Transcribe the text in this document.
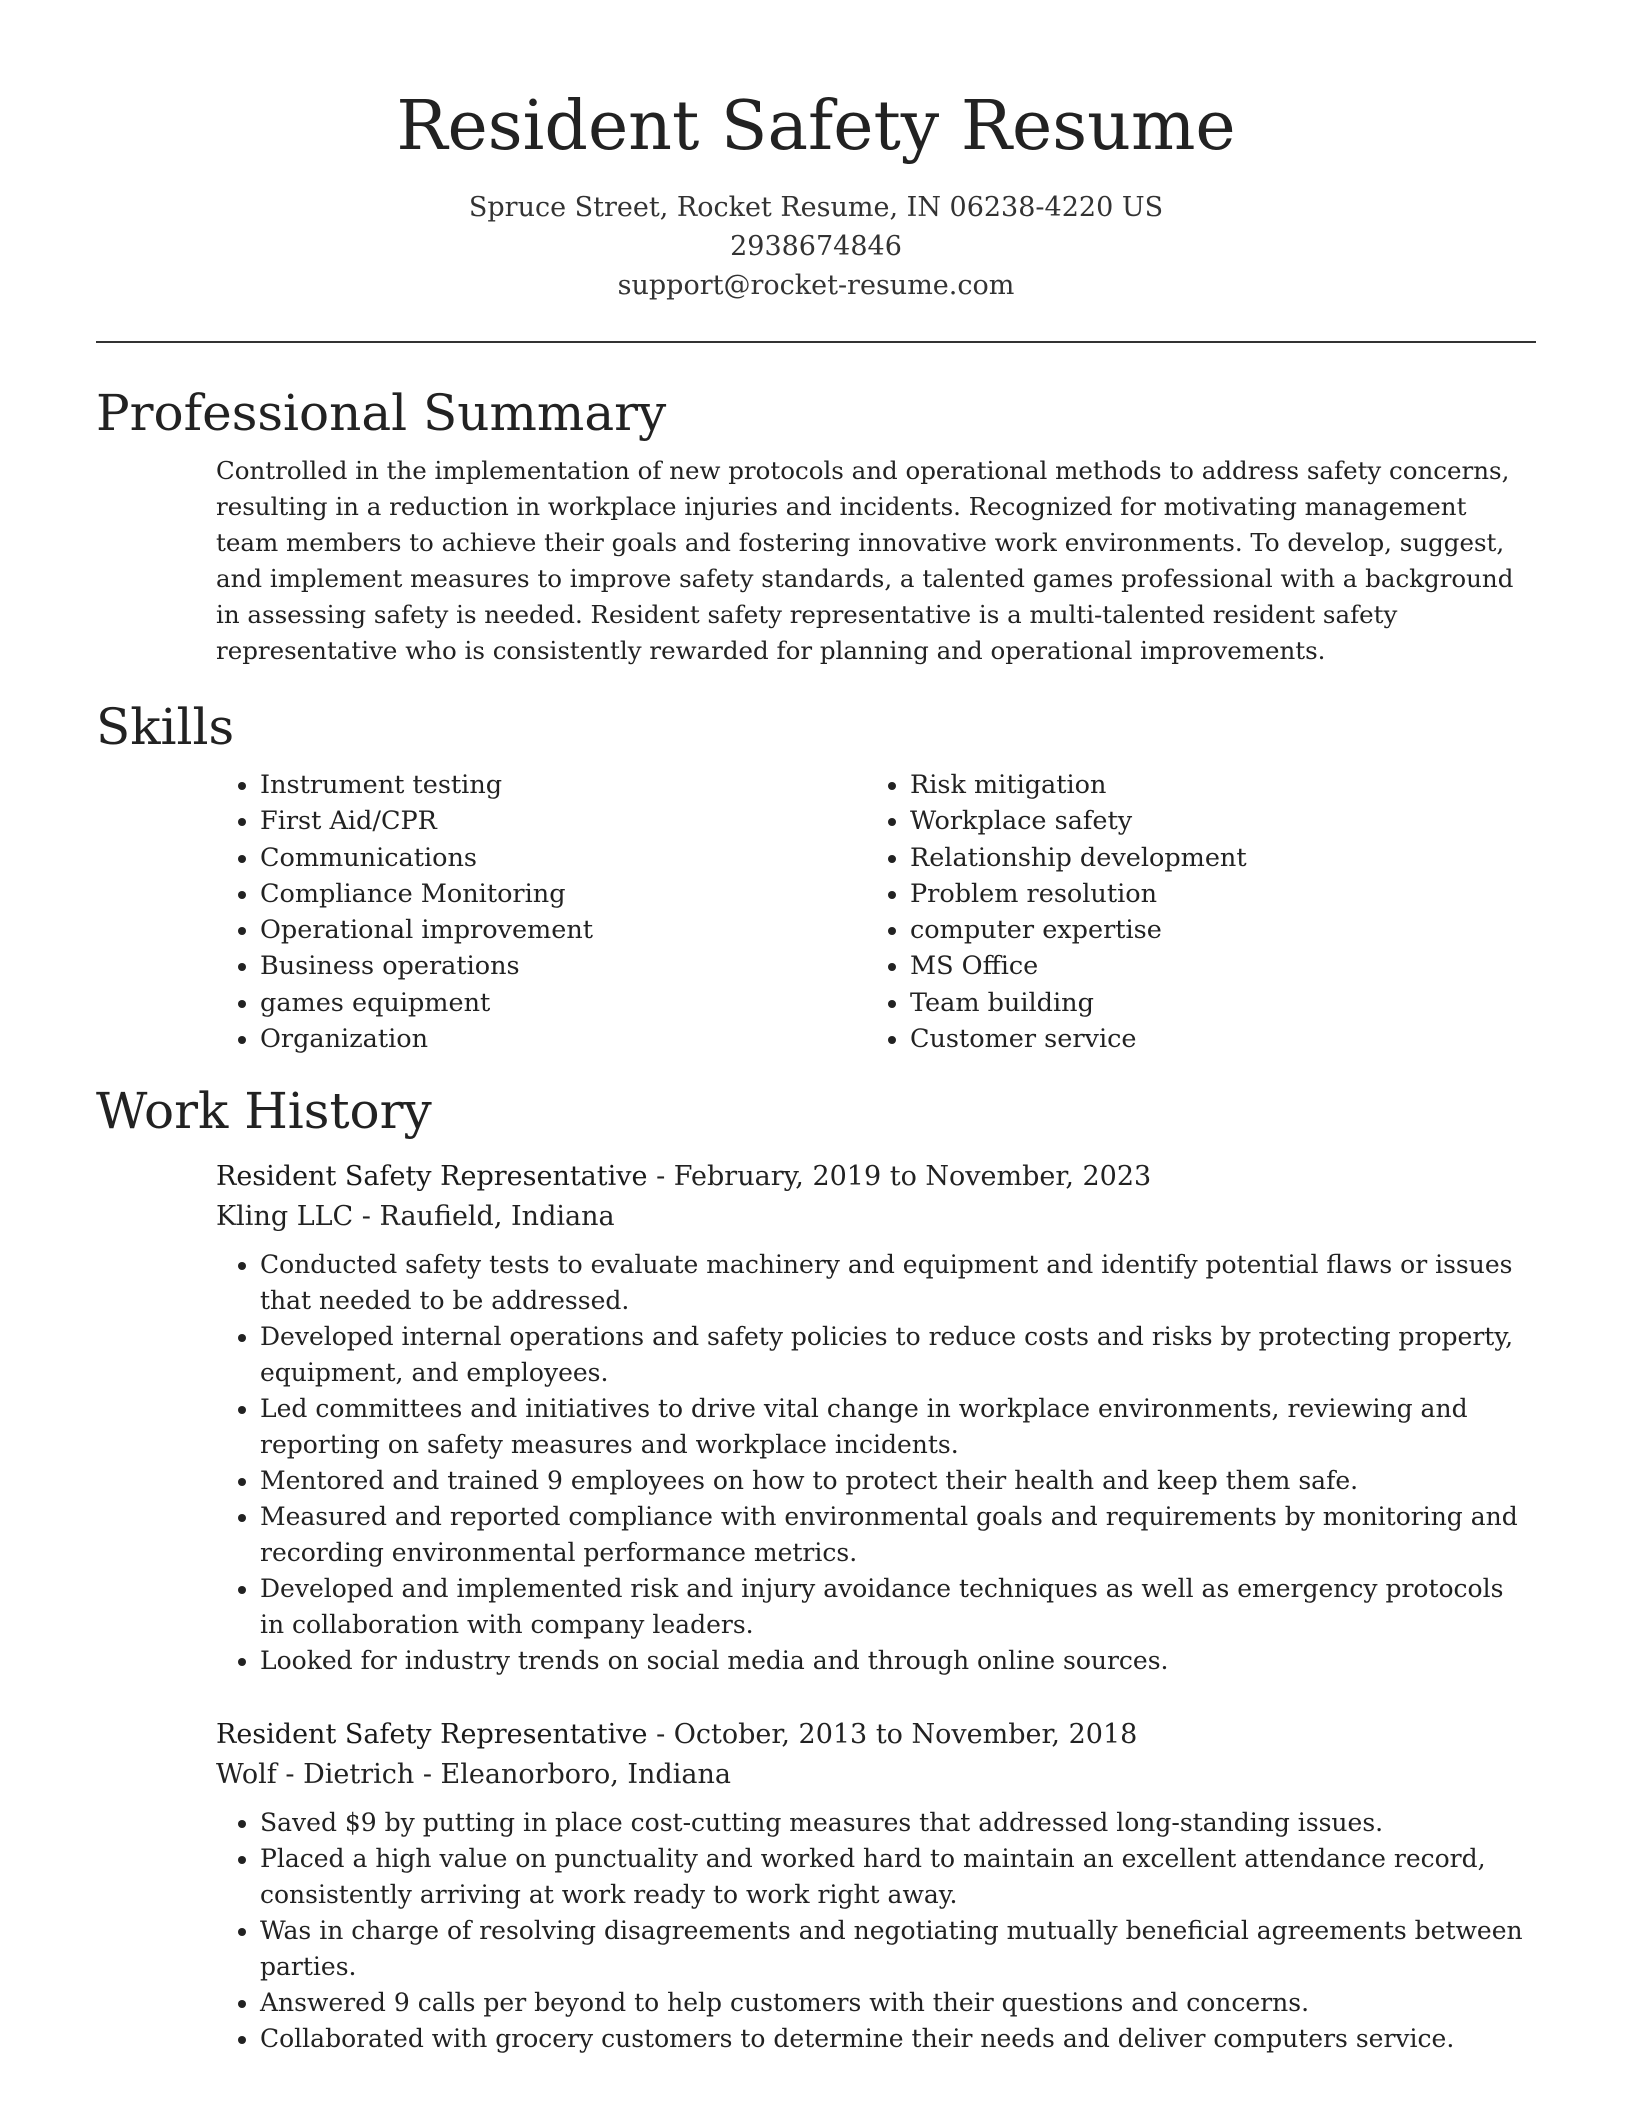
Resident Safety Resume
Spruce Street, Rocket Resume, IN 06238-4220 US
2938674846
support@rocket-resume.com
Professional Summary
Controlled in the implementation of new protocols and operational methods to address safety concerns, resulting in a reduction in workplace injuries and incidents. Recognized for motivating management team members to achieve their goals and fostering innovative work environments. To develop, suggest, and implement measures to improve safety standards, a talented games professional with a background in assessing safety is needed. Resident safety representative is a multi-talented resident safety representative who is consistently rewarded for planning and operational improvements.
Skills
• Instrument testing
• First Aid/CPR
• Communications
• Compliance Monitoring
• Operational improvement
• Business operations
• games equipment
• Organization
• Risk mitigation
• Workplace safety
• Relationship development
• Problem resolution
• computer expertise
• MS Office
• Team building
• Customer service
Work History
Resident Safety Representative - February, 2019 to November, 2023
Kling LLC - Raufield, Indiana
• Conducted safety tests to evaluate machinery and equipment and identify potential flaws or issues that needed to be addressed.
• Developed internal operations and safety policies to reduce costs and risks by protecting property, equipment, and employees.
• Led committees and initiatives to drive vital change in workplace environments, reviewing and reporting on safety measures and workplace incidents.
• Mentored and trained 9 employees on how to protect their health and keep them safe.
• Measured and reported compliance with environmental goals and requirements by monitoring and recording environmental performance metrics.
• Developed and implemented risk and injury avoidance techniques as well as emergency protocols in collaboration with company leaders.
• Looked for industry trends on social media and through online sources.
Resident Safety Representative - October, 2013 to November, 2018
Wolf - Dietrich - Eleanorboro, Indiana
• Saved $9 by putting in place cost-cutting measures that addressed long-standing issues.
• Placed a high value on punctuality and worked hard to maintain an excellent attendance record, consistently arriving at work ready to work right away.
• Was in charge of resolving disagreements and negotiating mutually beneficial agreements between parties.
• Answered 9 calls per beyond to help customers with their questions and concerns.
• Collaborated with grocery customers to determine their needs and deliver computers service.
